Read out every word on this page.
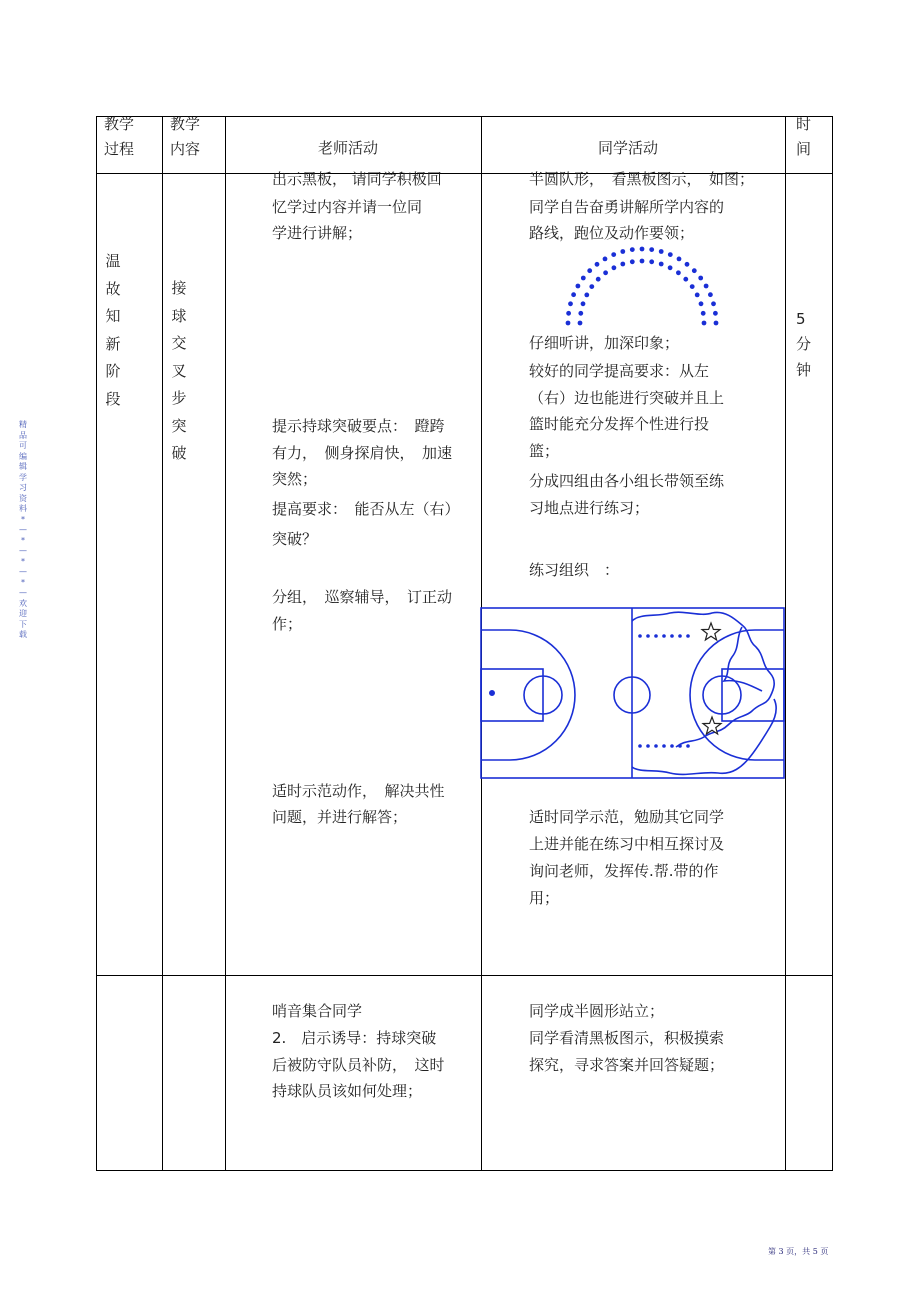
精
品
可
编
辑
学
习
资
料
*
—
*
—
*
—
*
—
欢
迎
下
载
教学
过程
教学
内容	老师活动	同学活动
时
间
温
故
知
新
阶
段
接
球
交
叉
步
突
破
出示黑板， 请同学积极回
忆学过内容并请一位同
学进行讲解；
提示持球突破要点：　蹬跨
有力，　侧身探肩快，　加速
突然；
提高要求：　能否从左（右）
突破？
分组，　巡察辅导，　订正动
作；
适时示范动作，　解决共性
问题，并进行解答；
半圆队形，　看黑板图示，　如图；
同学自告奋勇讲解所学内容的
路线，跑位及动作要领；
仔细听讲，加深印象；
较好的同学提高要求：从左
（右）边也能进行突破并且上
篮时能充分发挥个性进行投
篮；
分成四组由各小组长带领至练
习地点进行练习；
练习组织　：
适时同学示范，勉励其它同学
上进并能在练习中相互探讨及
询问老师，发挥传.帮.带的作
用；
5
分
钟
哨音集合同学
2.　启示诱导：持球突破
后被防守队员补防，　这时
持球队员该如何处理；
同学成半圆形站立；
同学看清黑板图示，积极摸索
探究，寻求答案并回答疑题；
第 3 页，共 5 页
